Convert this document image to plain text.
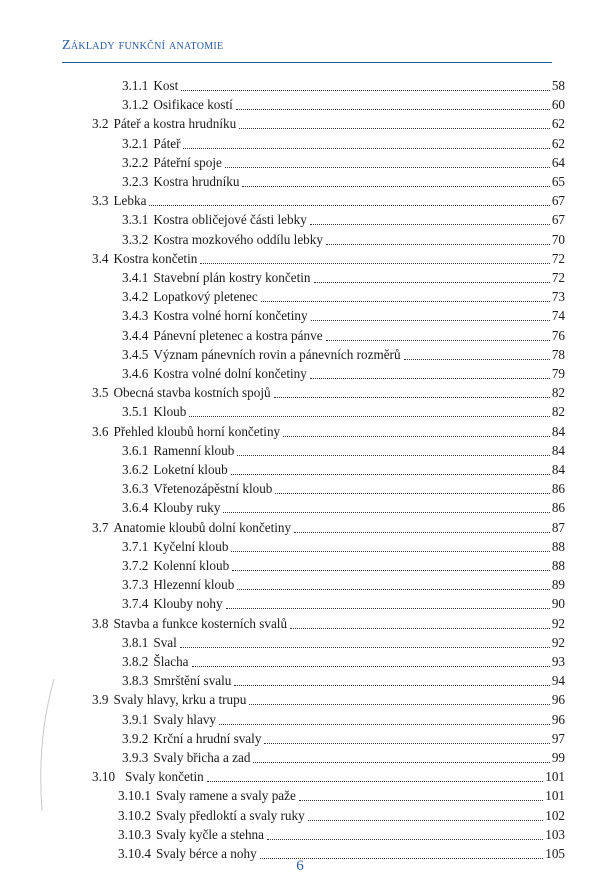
Základy funkční anatomie
3.1.1 Kost	58
3.1.2 Osifikace kostí	60
3.2 Páteř a kostra hrudníku	62
3.2.1 Páteř	62
3.2.2 Páteřní spoje	64
3.2.3 Kostra hrudníku	65
3.3 Lebka	67
3.3.1 Kostra obličejové části lebky	67
3.3.2 Kostra mozkového oddílu lebky	70
3.4 Kostra končetin	72
3.4.1 Stavební plán kostry končetin	72
3.4.2 Lopatkový pletenec	73
3.4.3 Kostra volné horní končetiny	74
3.4.4 Pánevní pletenec a kostra pánve	76
3.4.5 Význam pánevních rovin a pánevních rozměrů	78
3.4.6 Kostra volné dolní končetiny	79
3.5 Obecná stavba kostních spojů	82
3.5.1 Kloub	82
3.6 Přehled kloubů horní končetiny	84
3.6.1 Ramenní kloub	84
3.6.2 Loketní kloub	84
3.6.3 Vřetenozápěstní kloub	86
3.6.4 Klouby ruky	86
3.7 Anatomie kloubů dolní končetiny	87
3.7.1 Kyčelní kloub	88
3.7.2 Kolenní kloub	88
3.7.3 Hlezenní kloub	89
3.7.4 Klouby nohy	90
3.8 Stavba a funkce kosterních svalů	92
3.8.1 Sval	92
3.8.2 Šlacha	93
3.8.3 Smrštění svalu	94
3.9 Svaly hlavy, krku a trupu	96
3.9.1 Svaly hlavy	96
3.9.2 Krční a hrudní svaly	97
3.9.3 Svaly břicha a zad	99
3.10 Svaly končetin	101
3.10.1 Svaly ramene a svaly paže	101
3.10.2 Svaly předloktí a svaly ruky	102
3.10.3 Svaly kyčle a stehna	103
3.10.4 Svaly bérce a nohy	105
6
